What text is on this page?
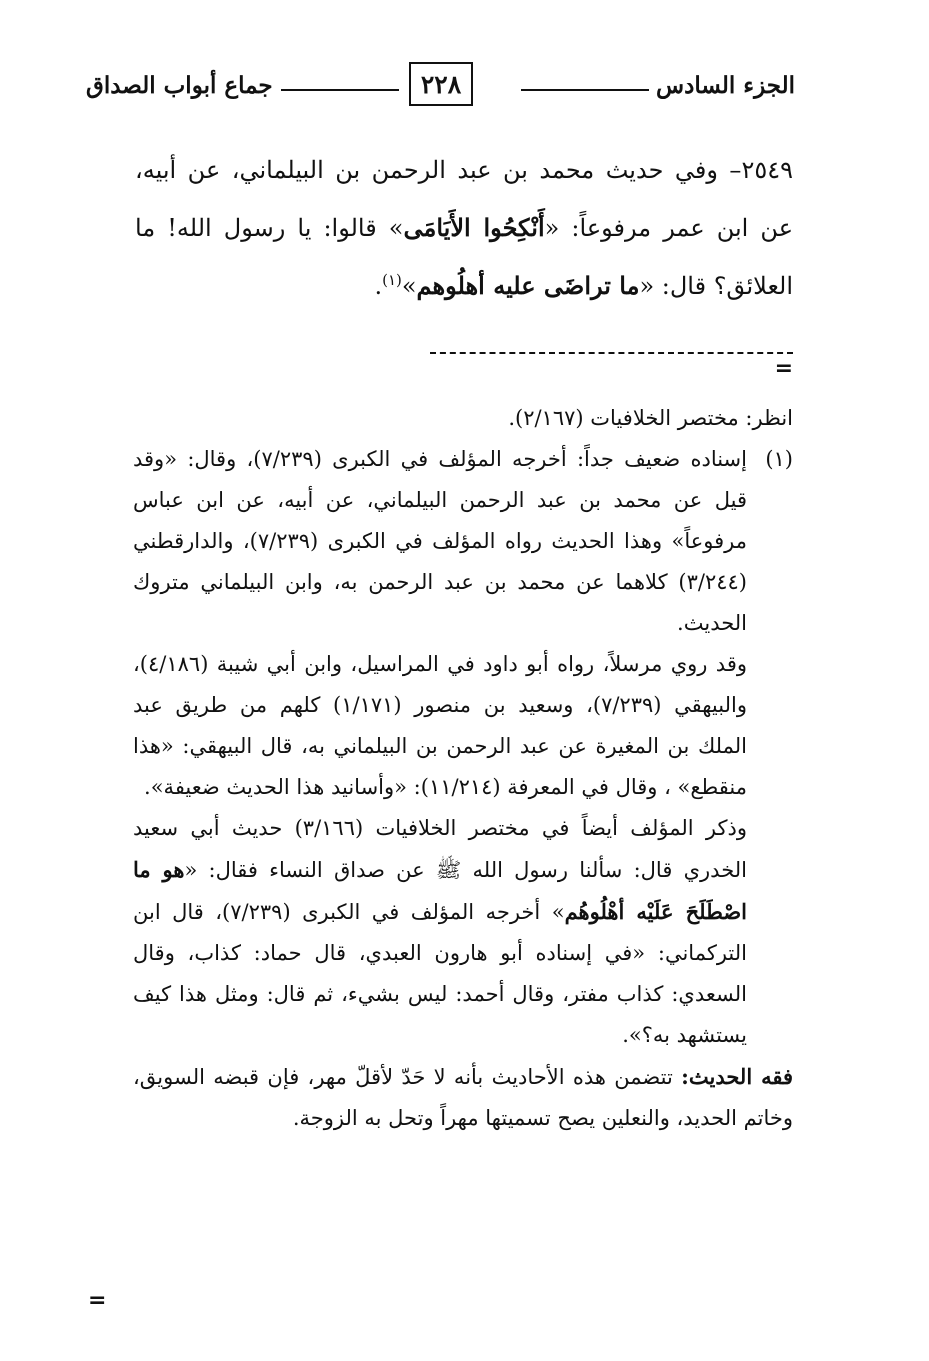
الجزء السادس
٢٢٨
جماع أبواب الصداق
٢٥٤٩– وفي حديث محمد بن عبد الرحمن بن البيلماني، عن أبيه، عن ابن عمر مرفوعاً: «أَنْكِحُوا الأَيَامَى» قالوا: يا رسول الله! ما العلائق؟ قال: «ما تراضَى عليه أهلُوهم»$^{(١)}$.
=

انظر: مختصر الخلافيات (٢/١٦٧).

(١)

إسناده ضعيف جداً: أخرجه المؤلف في الكبرى (٧/٢٣٩)، وقال: «وقد قيل عن محمد بن عبد الرحمن البيلماني، عن أبيه، عن ابن عباس مرفوعاً» وهذا الحديث رواه المؤلف في الكبرى (٧/٢٣٩)، والدارقطني (٣/٢٤٤) كلاهما عن محمد بن عبد الرحمن به، وابن البيلماني متروك الحديث.

وقد روي مرسلاً، رواه أبو داود في المراسيل، وابن أبي شيبة (٤/١٨٦)، والبيهقي (٧/٢٣٩)، وسعيد بن منصور (١/١٧١) كلهم من طريق عبد الملك بن المغيرة عن عبد الرحمن بن البيلماني به، قال البيهقي: «هذا منقطع» ، وقال في المعرفة (١١/٢١٤): «وأسانيد هذا الحديث ضعيفة».

وذكر المؤلف أيضاً في مختصر الخلافيات (٣/١٦٦) حديث أبي سعيد الخدري قال: سألنا رسول الله ﷺ عن صداق النساء فقال: «هو ما اصْطَلَحَ عَلَيْه أهْلُوهُم» أخرجه المؤلف في الكبرى (٧/٢٣٩)، قال ابن التركماني: «في إسناده أبو هارون العبدي، قال حماد: كذاب، وقال السعدي: كذاب مفتر، وقال أحمد: ليس بشيء، ثم قال: ومثل هذا كيف يستشهد به؟».

فقه الحديث: تتضمن هذه الأحاديث بأنه لا حَدّ لأقلّ مهر، فإن قبضه السويق، وخاتم الحديد، والنعلين يصح تسميتها مهراً وتحل به الزوجة.

=
